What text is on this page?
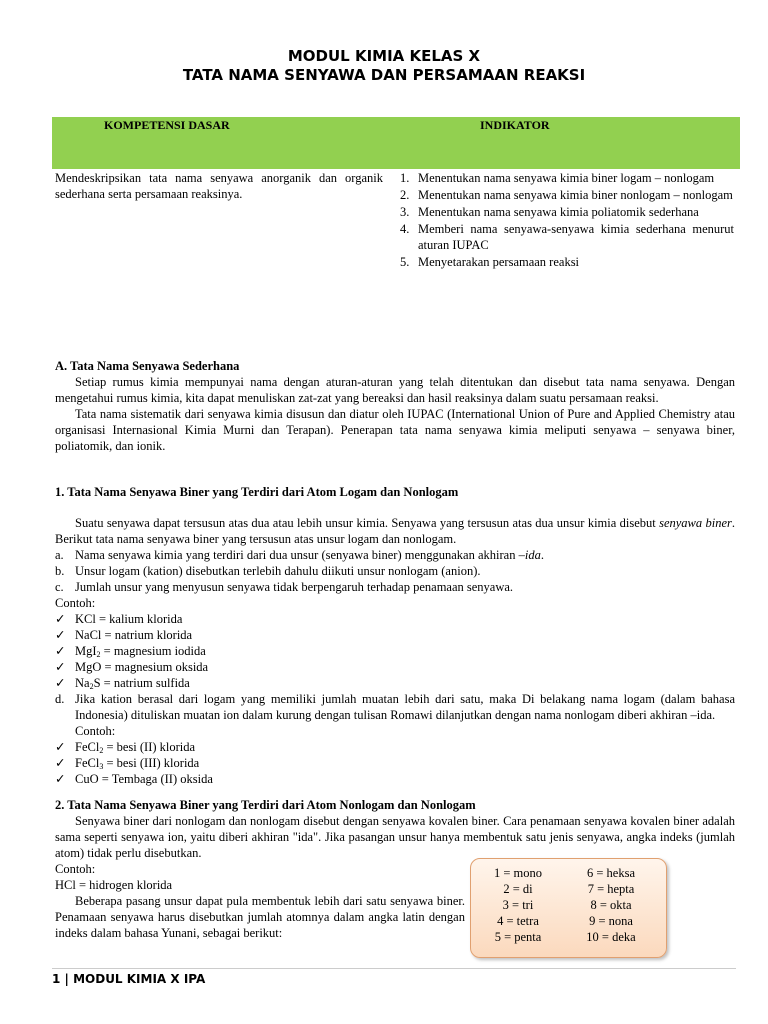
MODUL KIMIA KELAS X
TATA NAMA SENYAWA DAN PERSAMAAN REAKSI
KOMPETENSI DASAR	INDIKATOR
Mendeskripsikan tata nama senyawa anorganik dan organik sederhana serta persamaan reaksinya.
1. Menentukan nama senyawa kimia biner logam – nonlogam
2. Menentukan nama senyawa kimia biner nonlogam – nonlogam
3. Menentukan nama senyawa kimia poliatomik sederhana
4. Memberi nama senyawa-senyawa kimia sederhana menurut aturan IUPAC
5. Menyetarakan persamaan reaksi
A. Tata Nama Senyawa Sederhana
Setiap rumus kimia mempunyai nama dengan aturan-aturan yang telah ditentukan dan disebut tata nama senyawa. Dengan mengetahui rumus kimia, kita dapat menuliskan zat-zat yang bereaksi dan hasil reaksinya dalam suatu persamaan reaksi.
Tata nama sistematik dari senyawa kimia disusun dan diatur oleh IUPAC (International Union of Pure and Applied Chemistry atau organisasi Internasional Kimia Murni dan Terapan). Penerapan tata nama senyawa kimia meliputi senyawa – senyawa biner, poliatomik, dan ionik.
1. Tata Nama Senyawa Biner yang Terdiri dari Atom Logam dan Nonlogam
Suatu senyawa dapat tersusun atas dua atau lebih unsur kimia. Senyawa yang tersusun atas dua unsur kimia disebut senyawa biner. Berikut tata nama senyawa biner yang tersusun atas unsur logam dan nonlogam.
a. Nama senyawa kimia yang terdiri dari dua unsur (senyawa biner) menggunakan akhiran –ida.
b. Unsur logam (kation) disebutkan terlebih dahulu diikuti unsur nonlogam (anion).
c. Jumlah unsur yang menyusun senyawa tidak berpengaruh terhadap penamaan senyawa.
Contoh:
✓ KCl = kalium klorida
✓ NaCl = natrium klorida
✓ MgI$_2$ = magnesium iodida
✓ MgO = magnesium oksida
✓ $Na_2S$ = natrium sulfida
d. Jika kation berasal dari logam yang memiliki jumlah muatan lebih dari satu, maka Di belakang nama logam (dalam bahasa Indonesia) dituliskan muatan ion dalam kurung dengan tulisan Romawi dilanjutkan dengan nama nonlogam diberi akhiran –ida.
Contoh:
✓ FeCl$_2$ = besi (II) klorida
✓ FeCl$_3$ = besi (III) klorida
✓ CuO = Tembaga (II) oksida
2. Tata Nama Senyawa Biner yang Terdiri dari Atom Nonlogam dan Nonlogam
Senyawa biner dari nonlogam dan nonlogam disebut dengan senyawa kovalen biner. Cara penamaan senyawa kovalen biner adalah sama seperti senyawa ion, yaitu diberi akhiran "ida". Jika pasangan unsur hanya membentuk satu jenis senyawa, angka indeks (jumlah atom) tidak perlu disebutkan.
Contoh:
HCl = hidrogen klorida
Beberapa pasang unsur dapat pula membentuk lebih dari satu senyawa biner. Penamaan senyawa harus disebutkan jumlah atomnya dalam angka latin dengan indeks dalam bahasa Yunani, sebagai berikut:
1 = mono	6 = heksa
2 = di	7 = hepta
3 = tri	8 = okta
4 = tetra	9 = nona
5 = penta	10 = deka
1 | MODUL KIMIA X IPA
